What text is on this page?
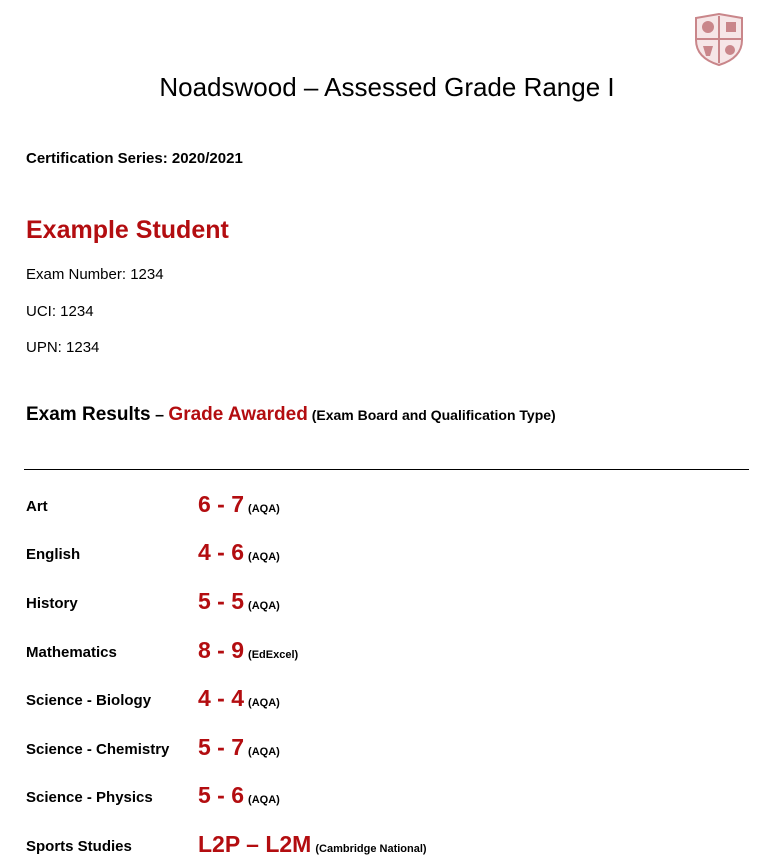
Noadswood – Assessed Grade Range I
Certification Series: 2020/2021
Example Student
Exam Number: 1234
UCI: 1234
UPN: 1234
Exam Results – Grade Awarded (Exam Board and Qualification Type)
Art	6 - 7 (AQA)
English	4 - 6 (AQA)
History	5 - 5 (AQA)
Mathematics	8 - 9 (EdExcel)
Science - Biology 4 - 4 (AQA)
Science - Chemistry 5 - 7 (AQA)
Science - Physics 5 - 6 (AQA)
Sports Studies	L2P – L2M (Cambridge National)
